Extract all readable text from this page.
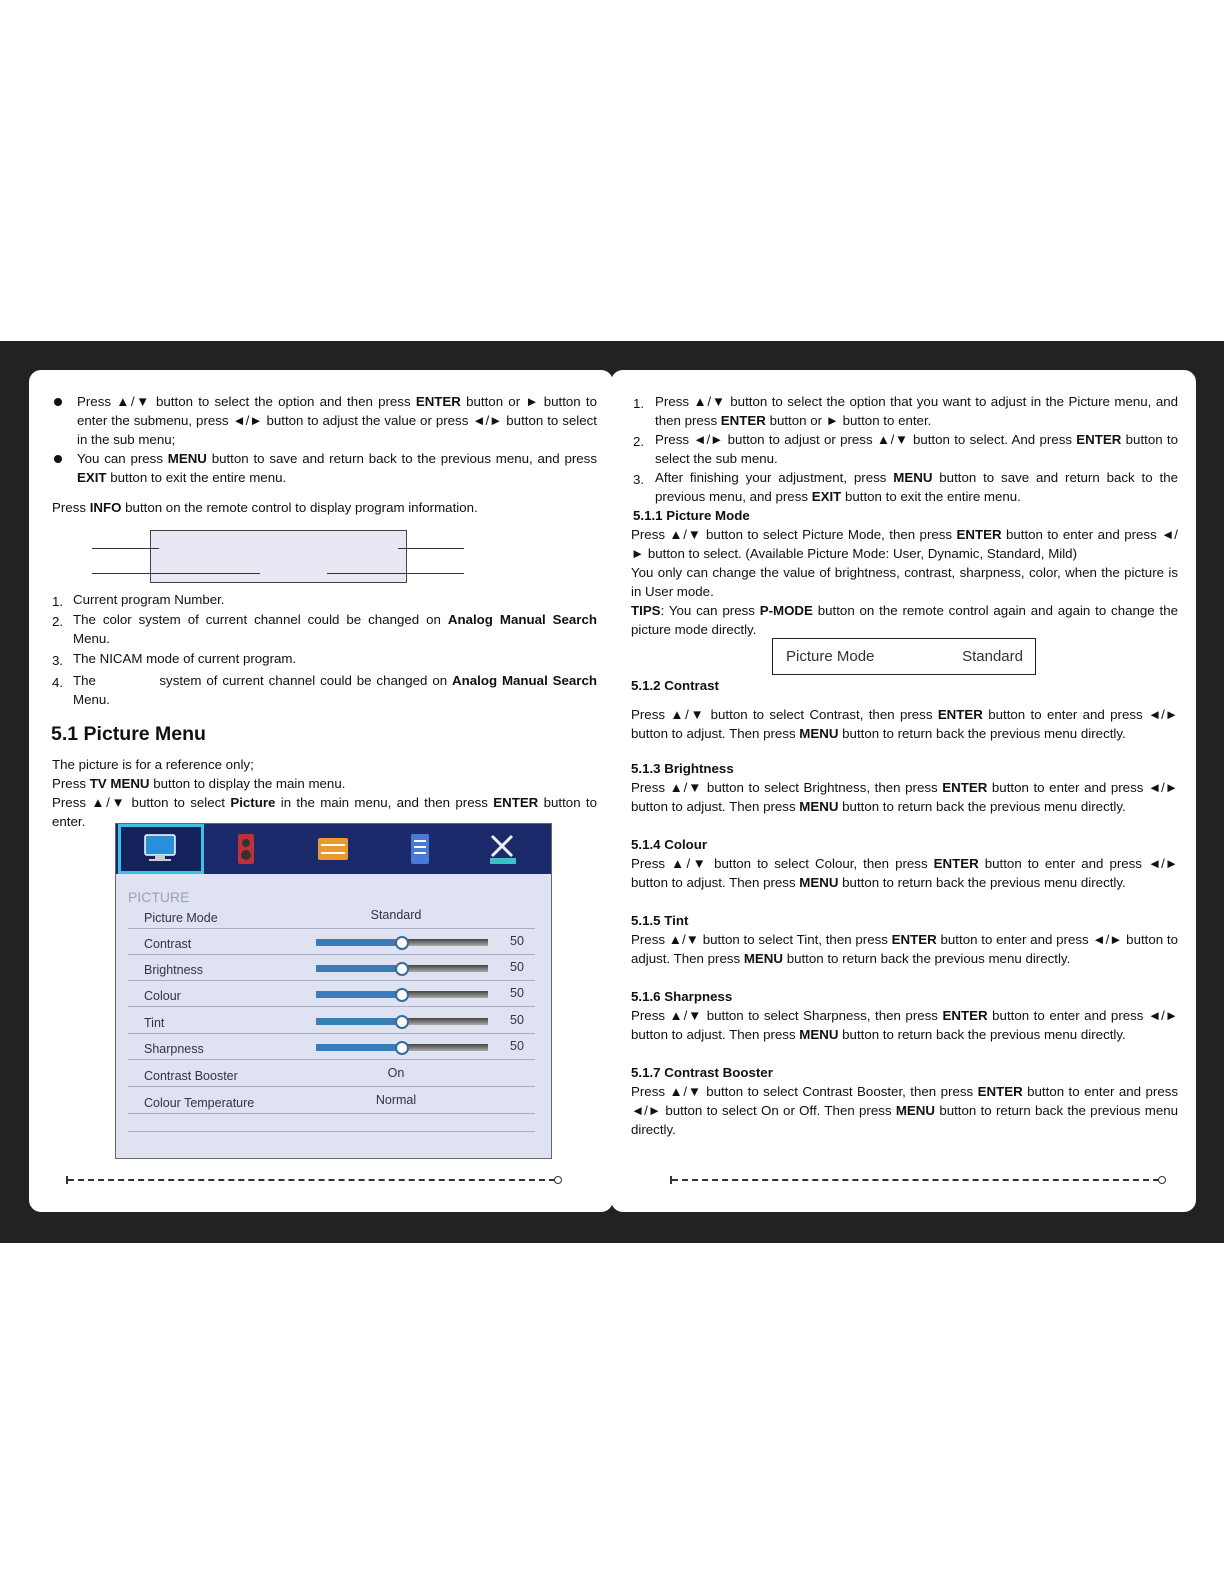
Press ▲/▼ button to select the option and then press ENTER button or ► button to enter the submenu, press ◄/► button to adjust the value or press ◄/► button to select in the sub menu;
You can press MENU button to save and return back to the previous menu, and press EXIT button to exit the entire menu.
Press INFO button on the remote control to display program information.
1. Current program Number.
2. The color system of current channel could be changed on Analog Manual Search Menu.
3. The NICAM mode of current program.
4. The             system of current channel could be changed on Analog Manual Search Menu.
5.1 Picture Menu
The picture is for a reference only;
Press TV MENU button to display the main menu.
Press ▲/▼ button to select Picture in the main menu, and then press ENTER button to enter.
PICTURE
Picture Mode	Standard
Contrast	50
Brightness	50
Colour	50
Tint	50
Sharpness	50
Contrast Booster	On
Colour Temperature	Normal
1. Press ▲/▼ button to select the option that you want to adjust in the Picture menu, and then press ENTER button or ► button to enter.
2. Press ◄/► button to adjust or press ▲/▼ button to select. And press ENTER button to select the sub menu.
3. After finishing your adjustment, press MENU button to save and return back to the previous menu, and press EXIT button to exit the entire menu.
5.1.1 Picture Mode
Press ▲/▼ button to select Picture Mode, then press ENTER button to enter and press ◄/► button to select. (Available Picture Mode: User, Dynamic, Standard, Mild)
You only can change the value of brightness, contrast, sharpness, color, when the picture is in User mode.
TIPS: You can press P-MODE button on the remote control again and again to change the picture mode directly.
Picture Mode	Standard
5.1.2 Contrast
Press ▲/▼ button to select Contrast, then press ENTER button to enter and press ◄/► button to adjust. Then press MENU button to return back the previous menu directly.
5.1.3 Brightness
Press ▲/▼ button to select Brightness, then press ENTER button to enter and press ◄/► button to adjust. Then press MENU button to return back the previous menu directly.
5.1.4 Colour
Press ▲/▼ button to select Colour, then press ENTER button to enter and press ◄/► button to adjust. Then press MENU button to return back the previous menu directly.
5.1.5 Tint
Press ▲/▼ button to select Tint, then press ENTER button to enter and press ◄/► button to adjust. Then press MENU button to return back the previous menu directly.
5.1.6 Sharpness
Press ▲/▼ button to select Sharpness, then press ENTER button to enter and press ◄/► button to adjust. Then press MENU button to return back the previous menu directly.
5.1.7 Contrast Booster
Press ▲/▼ button to select Contrast Booster, then press ENTER button to enter and press ◄/► button to select On or Off. Then press MENU button to return back the previous menu directly.
